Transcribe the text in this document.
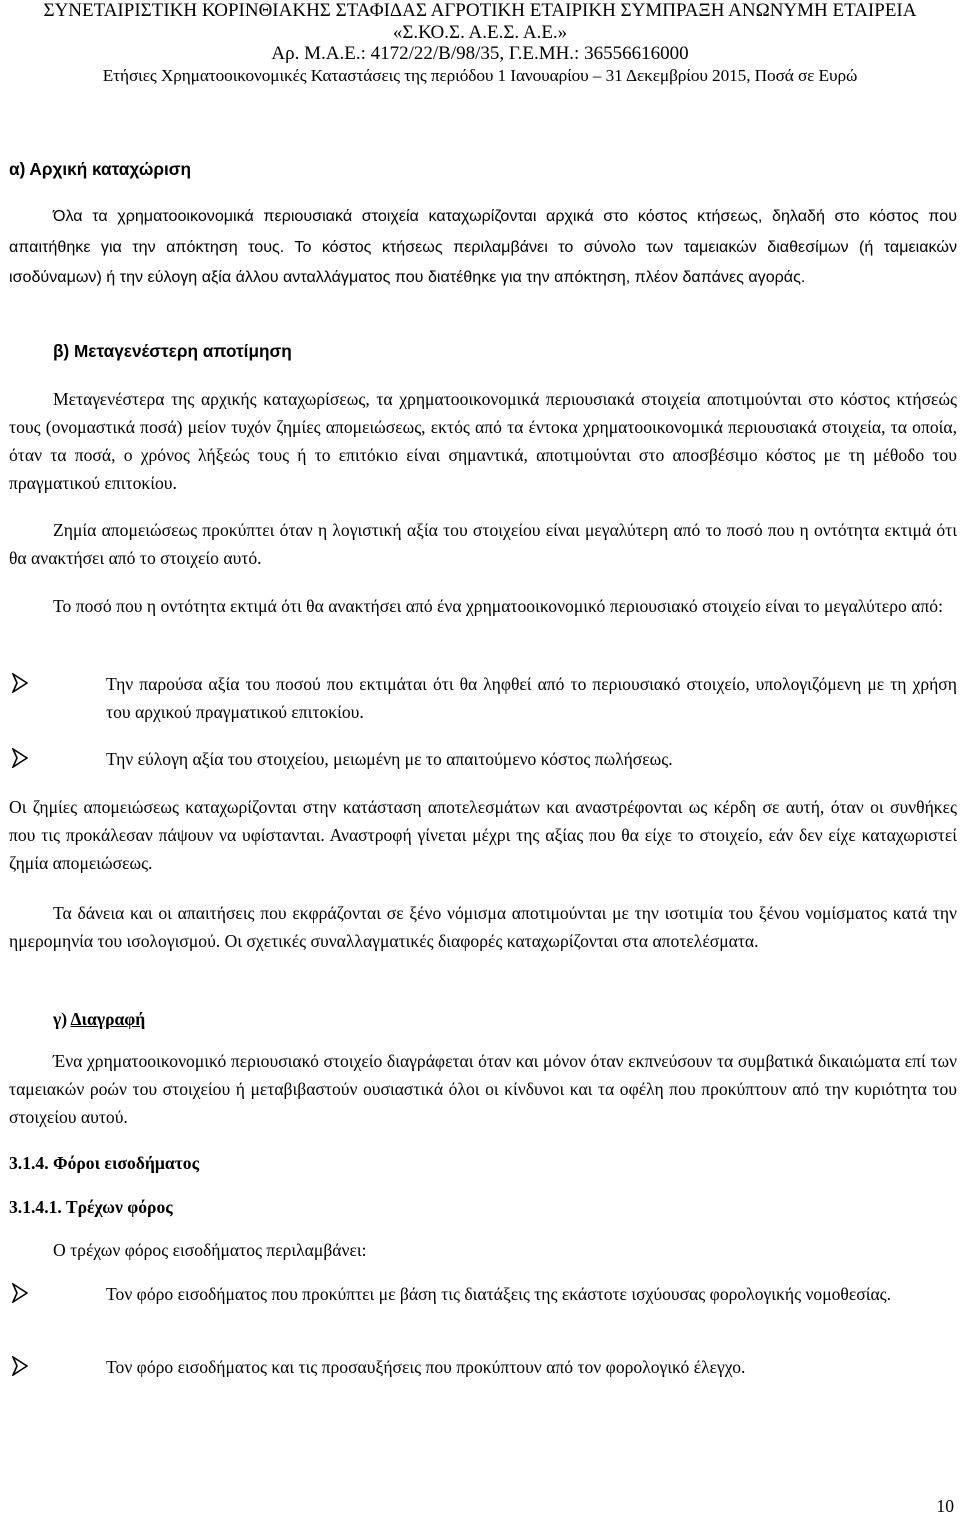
ΣΥΝΕΤΑΙΡΙΣΤΙΚΗ ΚΟΡΙΝΘΙΑΚΗΣ ΣΤΑΦΙΔΑΣ ΑΓΡΟΤΙΚΗ ΕΤΑΙΡΙΚΗ ΣΥΜΠΡΑΞΗ ΑΝΩΝΥΜΗ ΕΤΑΙΡΕΙΑ
«Σ.ΚΟ.Σ. Α.Ε.Σ. Α.Ε.»
Αρ. Μ.Α.Ε.: 4172/22/Β/98/35, Γ.Ε.ΜΗ.: 36556616000
Ετήσιες Χρηματοοικονομικές Καταστάσεις της περιόδου 1 Ιανουαρίου – 31 Δεκεμβρίου 2015, Ποσά σε Ευρώ
α) Αρχική καταχώριση
Όλα τα χρηματοοικονομικά περιουσιακά στοιχεία καταχωρίζονται αρχικά στο κόστος κτήσεως, δηλαδή στο κόστος που απαιτήθηκε για την απόκτηση τους. Το κόστος κτήσεως περιλαμβάνει το σύνολο των ταμειακών διαθεσίμων (ή ταμειακών ισοδύναμων) ή την εύλογη αξία άλλου ανταλλάγματος που διατέθηκε για την απόκτηση, πλέον δαπάνες αγοράς.
β) Μεταγενέστερη αποτίμηση
Μεταγενέστερα της αρχικής καταχωρίσεως, τα χρηματοοικονομικά περιουσιακά στοιχεία αποτιμούνται στο κόστος κτήσεώς τους (ονομαστικά ποσά) μείον τυχόν ζημίες απομειώσεως, εκτός από τα έντοκα χρηματοοικονομικά περιουσιακά στοιχεία, τα οποία, όταν τα ποσά, ο χρόνος λήξεώς τους ή το επιτόκιο είναι σημαντικά, αποτιμούνται στο αποσβέσιμο κόστος με τη μέθοδο του πραγματικού επιτοκίου.
Ζημία απομειώσεως προκύπτει όταν η λογιστική αξία του στοιχείου είναι μεγαλύτερη από το ποσό που η οντότητα εκτιμά ότι θα ανακτήσει από το στοιχείο αυτό.
Το ποσό που η οντότητα εκτιμά ότι θα ανακτήσει από ένα χρηματοοικονομικό περιουσιακό στοιχείο είναι το μεγαλύτερο από:
Την παρούσα αξία του ποσού που εκτιμάται ότι θα ληφθεί από το περιουσιακό στοιχείο, υπολογιζόμενη με τη χρήση του αρχικού πραγματικού επιτοκίου.
Την εύλογη αξία του στοιχείου, μειωμένη με το απαιτούμενο κόστος πωλήσεως.
Οι ζημίες απομειώσεως καταχωρίζονται στην κατάσταση αποτελεσμάτων και αναστρέφονται ως κέρδη σε αυτή, όταν οι συνθήκες που τις προκάλεσαν πάψουν να υφίστανται. Αναστροφή γίνεται μέχρι της αξίας που θα είχε το στοιχείο, εάν δεν είχε καταχωριστεί ζημία απομειώσεως.
Τα δάνεια και οι απαιτήσεις που εκφράζονται σε ξένο νόμισμα αποτιμούνται με την ισοτιμία του ξένου νομίσματος κατά την ημερομηνία του ισολογισμού. Οι σχετικές συναλλαγματικές διαφορές καταχωρίζονται στα αποτελέσματα.
γ) Διαγραφή
Ένα χρηματοοικονομικό περιουσιακό στοιχείο διαγράφεται όταν και μόνον όταν εκπνεύσουν τα συμβατικά δικαιώματα επί των ταμειακών ροών του στοιχείου ή μεταβιβαστούν ουσιαστικά όλοι οι κίνδυνοι και τα οφέλη που προκύπτουν από την κυριότητα του στοιχείου αυτού.
3.1.4. Φόροι εισοδήματος
3.1.4.1. Τρέχων φόρος
Ο τρέχων φόρος εισοδήματος περιλαμβάνει:
Τον φόρο εισοδήματος που προκύπτει με βάση τις διατάξεις της εκάστοτε ισχύουσας φορολογικής νομοθεσίας.
Τον φόρο εισοδήματος και τις προσαυξήσεις που προκύπτουν από τον φορολογικό έλεγχο.
10
